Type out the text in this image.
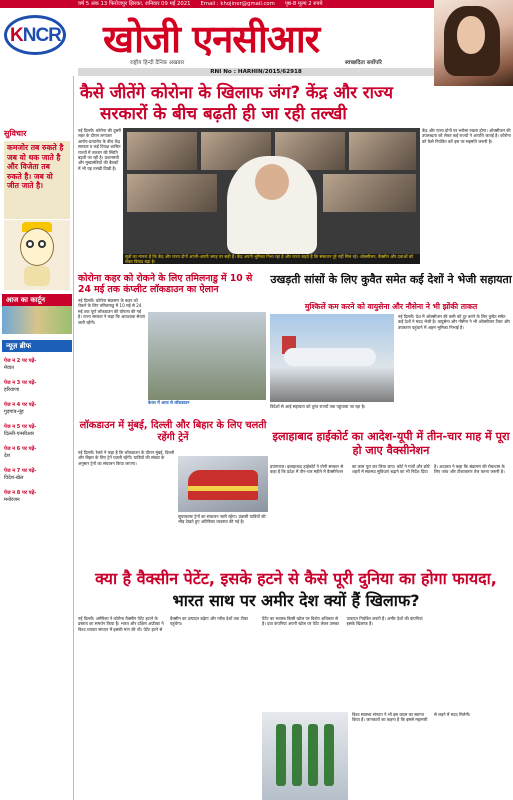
वर्ष 5 अंक 13 फिरोजपुर झिरका, शनिवार 09 मई 2021 Email : khojiner@gmail.com पृष्ठ-8 मूल्य 2 रुपये
KNCR खोजी एनसीआर
राष्ट्रीय हिन्दी दैनिक अखबार	स्वच्छदिता सर्वोपरि
RNI No : HARHIN/2015/62918
सुविचार
कमजोर तब रुकते है जब वो थक जाते है और विजेता तब रुकते है। जब वो जीत जाते है।
आज का कार्टून
न्यूज़ ब्रीफ
पेज न 2 पर पढ़ें-
मेवात
पेज न 3 पर पढ़ें-
हरियाणा
पेज न 4 पर पढ़ें-
गुड़गांव-नूंह
पेज न 5 पर पढ़ें-
दिल्ली-एनसीआर
पेज न 6 पर पढ़ें-
देश
पेज न 7 पर पढ़ें-
विदेश-खेल
पेज न 8 पर पढ़ें-
मनोरंजन
कैसे जीतेंगे कोरोना के खिलाफ जंग? केंद्र और राज्य
सरकारों के बीच बढ़ती ही जा रही तल्खी
नई दिल्ली। कोरोना की दूसरी लहर के दौरान लगातार आरोप-प्रत्यारोप के बीच केंद्र सरकार व कई विपक्ष शासित राज्यों में तकरार की स्थिति बढ़ती जा रही है। प्रधानमंत्री और मुख्यमंत्रियों की बैठकों में भी यह तल्खी दिखी है।
सूत्रों का मानना है कि केंद्र और राज्य दोनों अपनी-अपनी जगह पर सही हैं। केंद्र अपनी भूमिका निभा रहा है और राज्य कहते हैं कि संसाधन पूरे नहीं मिल रहे। ऑक्सीजन, वैक्सीन और दवाओं को लेकर विवाद बढ़ा है।
केंद्र और राज्य दोनों पर भरोसा रखना होगा। ऑक्सीजन की उपलब्धता को लेकर कई राज्यों ने आपत्ति जताई है। कोरोना को कैसे नियंत्रित करें इस पर सहमति जरूरी है।
कोरोना कहर को रोकने के लिए तमिलनाडु में 10 से 24 मई तक कंप्लीट लॉकडाउन का ऐलान
नई दिल्ली। कोरोना संक्रमण के कहर को रोकने के लिए तमिलनाडु में 10 मई से 24 मई तक पूर्ण लॉकडाउन की घोषणा की गई है। राज्य सरकार ने कहा कि आवश्यक सेवाएं जारी रहेंगी।
केरल में आज से लॉकडाउन
उखड़ती सांसों के लिए कुवैत समेत कई देशों ने भेजी सहायता
मुश्किलें कम करने को वायुसेना और नौसेना ने भी झोंकी ताकत
नई दिल्ली। देश में ऑक्सीजन की कमी को दूर करने के लिए कुवैत समेत कई देशों ने मदद भेजी है। वायुसेना और नौसेना ने भी ऑक्सीजन टैंकर और उपकरण पहुंचाने में अहम भूमिका निभाई है।
विदेशों से आई सहायता को तुरंत राज्यों तक पहुंचाया जा रहा है।
लॉकडाउन में मुंबई, दिल्ली और बिहार के लिए चलती रहेंगी ट्रेनें
नई दिल्ली। रेलवे ने कहा है कि लॉकडाउन के दौरान मुंबई, दिल्ली और बिहार के लिए ट्रेनें चलती रहेंगी। यात्रियों की संख्या के अनुसार ट्रेनों का संचालन किया जाएगा।
सुपरफास्ट ट्रेनों का संचालन जारी रहेगा। प्रवासी यात्रियों की भीड़ देखते हुए अतिरिक्त व्यवस्था की गई है।
इलाहाबाद हाईकोर्ट का आदेश-यूपी में तीन-चार माह में पूरा हो जाए वैक्सीनेशन
प्रयागराज। इलाहाबाद हाईकोर्ट ने योगी सरकार से कहा है कि प्रदेश में तीन-चार महीने में वैक्सीनेशन का काम पूरा कर लिया जाए। कोर्ट ने गांवों और छोटे शहरों में स्वास्थ्य सुविधाएं बढ़ाने का भी निर्देश दिया है। अदालत ने कहा कि संक्रमण की रोकथाम के लिए जांच और टीकाकरण तेज करना जरूरी है।
क्या है वैक्सीन पेटेंट, इसके हटने से कैसे पूरी दुनिया का होगा फायदा,
भारत साथ पर अमीर देश क्यों हैं खिलाफ?
नई दिल्ली। अमेरिका ने कोरोना वैक्सीन पेटेंट हटाने के प्रस्ताव का समर्थन किया है। भारत और दक्षिण अफ्रीका ने विश्व व्यापार संगठन में इसकी मांग की थी। पेटेंट हटने से वैक्सीन का उत्पादन बढ़ेगा और गरीब देशों तक टीका पहुंचेगा।
पेटेंट का मतलब किसी खोज पर विशेष अधिकार से है। दवा कंपनियां अपनी खोज पर पेटेंट लेकर उसका उत्पादन नियंत्रित करती हैं। अमीर देशों की कंपनियां इसके खिलाफ हैं।
विश्व स्वास्थ्य संगठन ने भी इस कदम का स्वागत किया है। जानकारों का कहना है कि इससे महामारी से लड़ने में मदद मिलेगी।
